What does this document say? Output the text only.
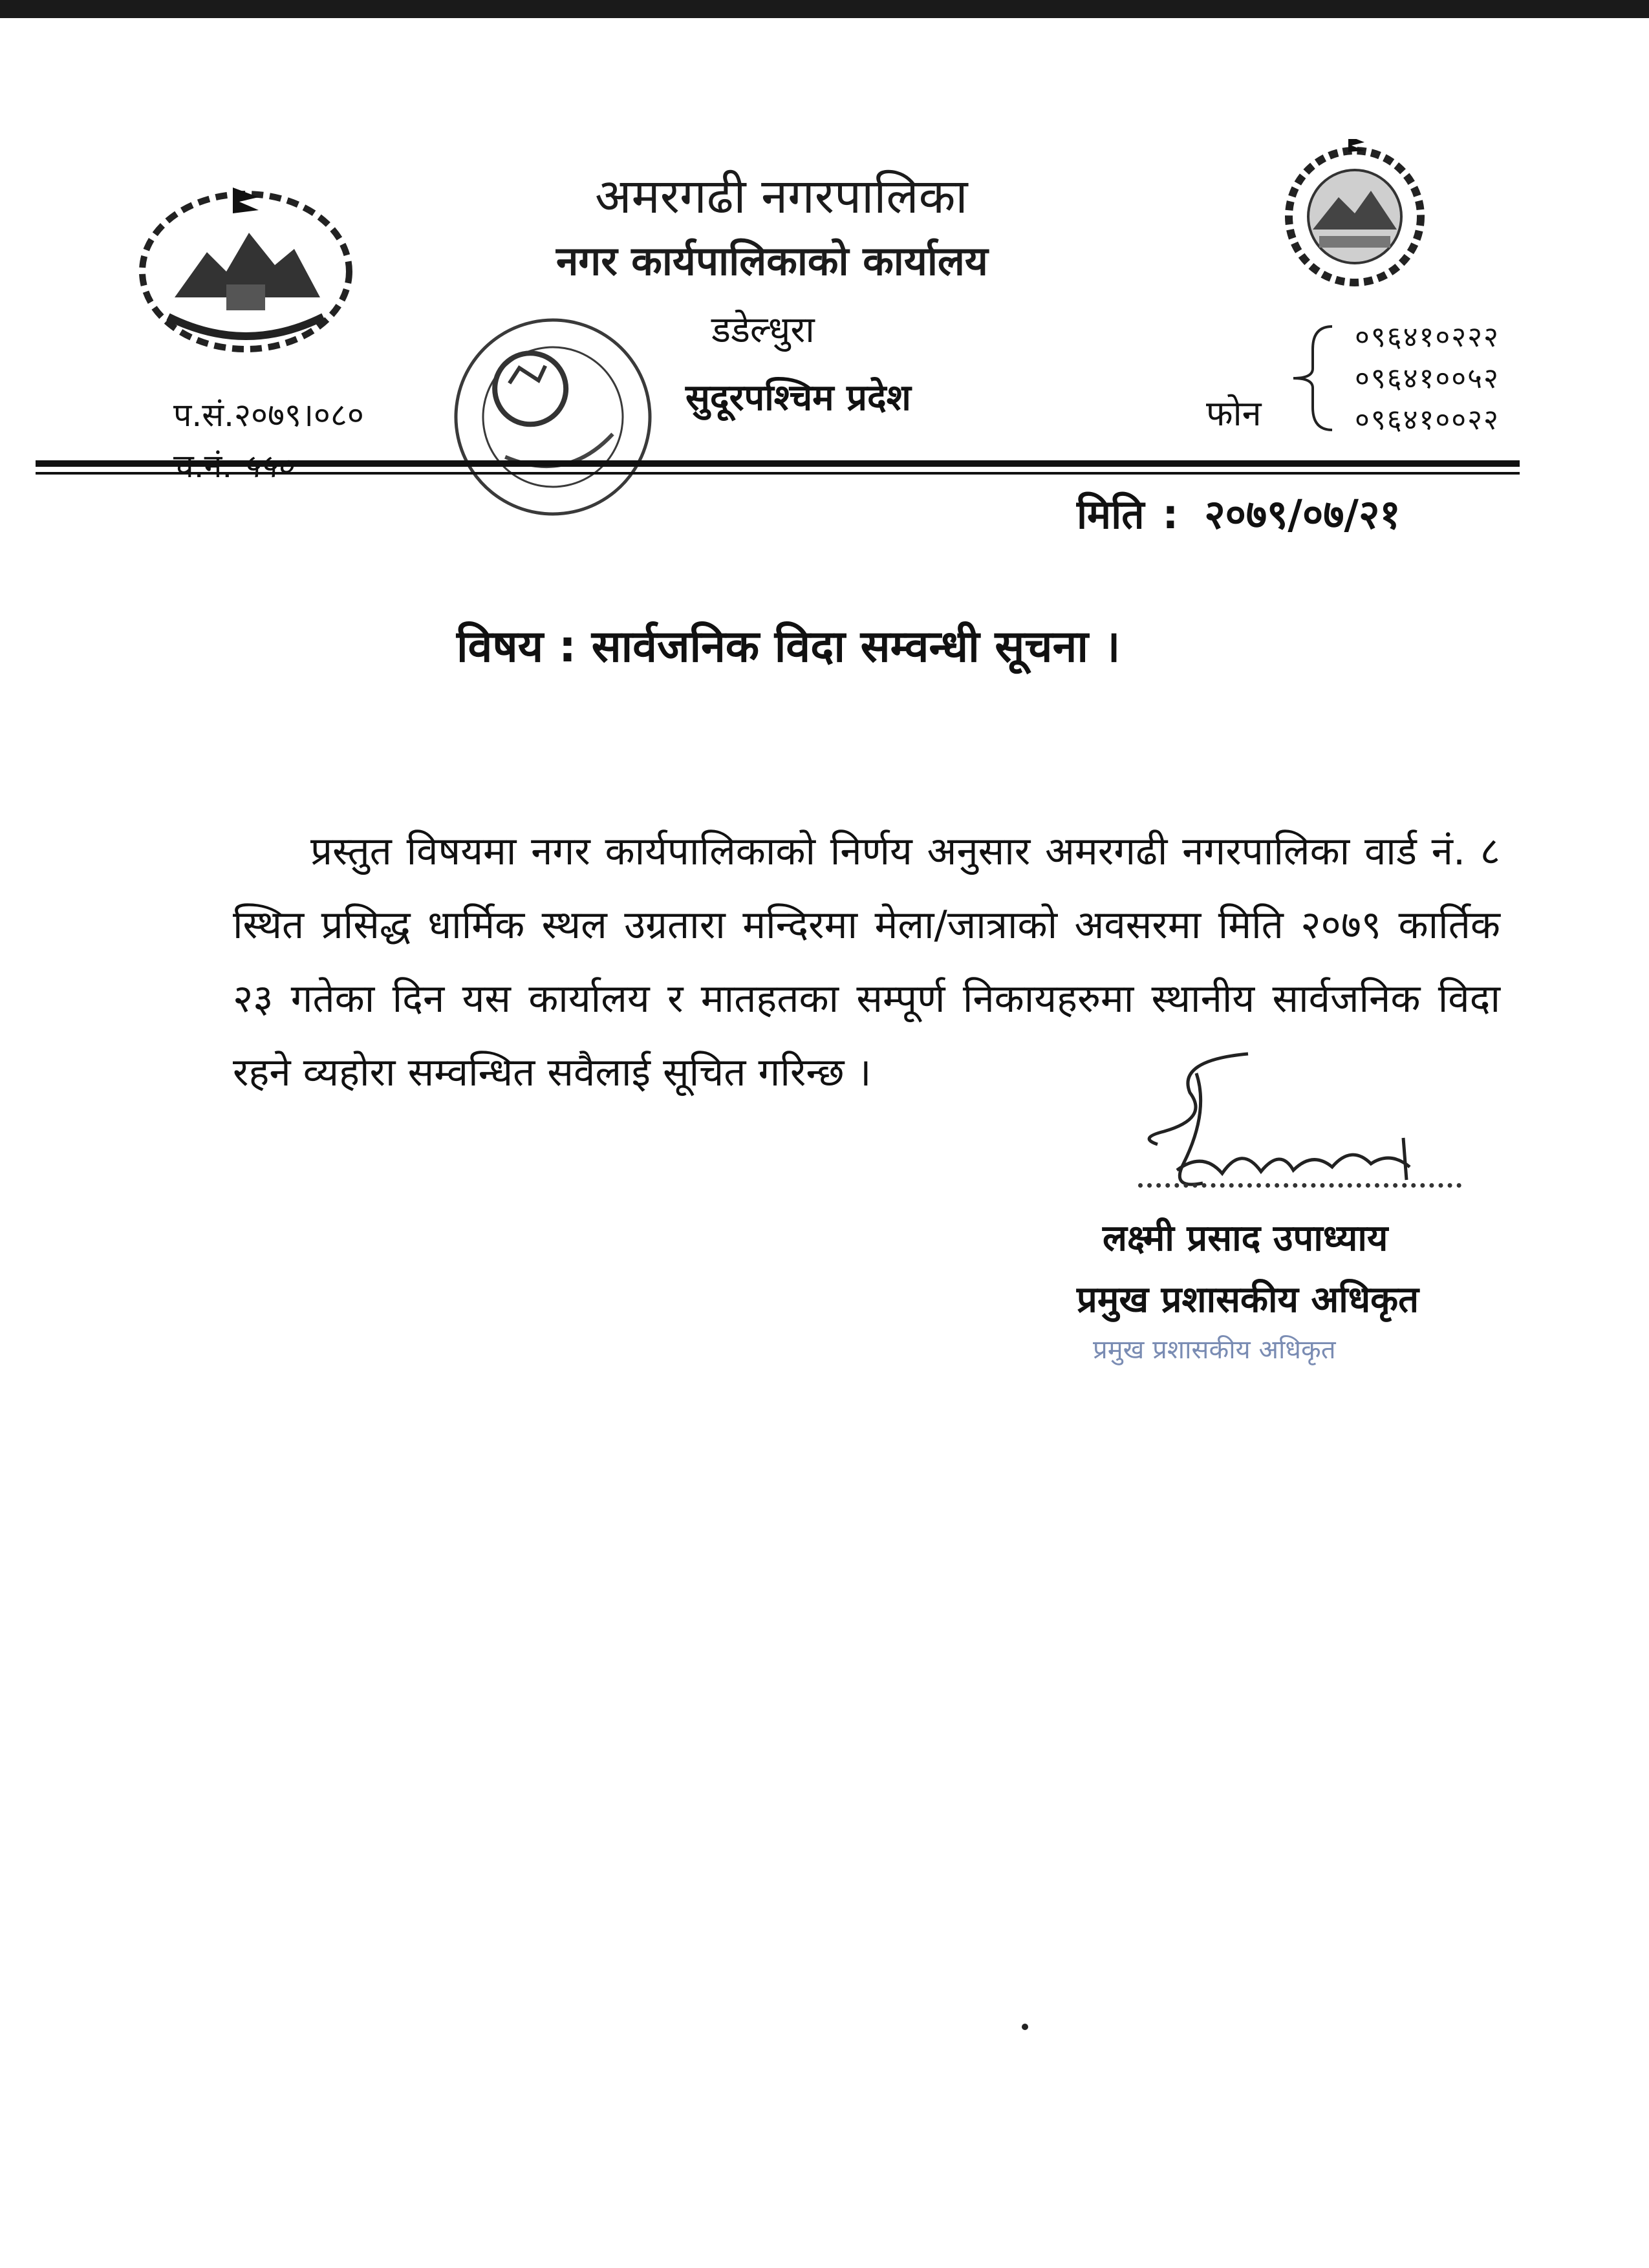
अमरगढी नगरपालिका
नगर कार्यपालिकाको कार्यालय
डडेल्धुरा
सुदूरपश्चिम प्रदेश
प.सं.२०७९।०८०	फोन
०९६४१०२२२
०९६४१००५२
०९६४१००२२
मिति : २०७९/०७/२१
विषय : सार्वजनिक विदा सम्वन्धी सूचना ।
प्रस्तुत विषयमा नगर कार्यपालिकाको निर्णय अनुसार अमरगढी नगरपालिका वार्ड नं. ८ स्थित प्रसिद्ध धार्मिक स्थल उग्रतारा मन्दिरमा मेला/जात्राको अवसरमा मिति २०७९ कार्तिक २३ गतेका दिन यस कार्यालय र मातहतका सम्पूर्ण निकायहरुमा स्थानीय सार्वजनिक विदा रहने व्यहोरा सम्वन्धित सवैलाई सूचित गरिन्छ ।
लक्ष्मी प्रसाद उपाध्याय
प्रमुख प्रशासकीय अधिकृत
प्रमुख प्रशासकीय अधिकृत
